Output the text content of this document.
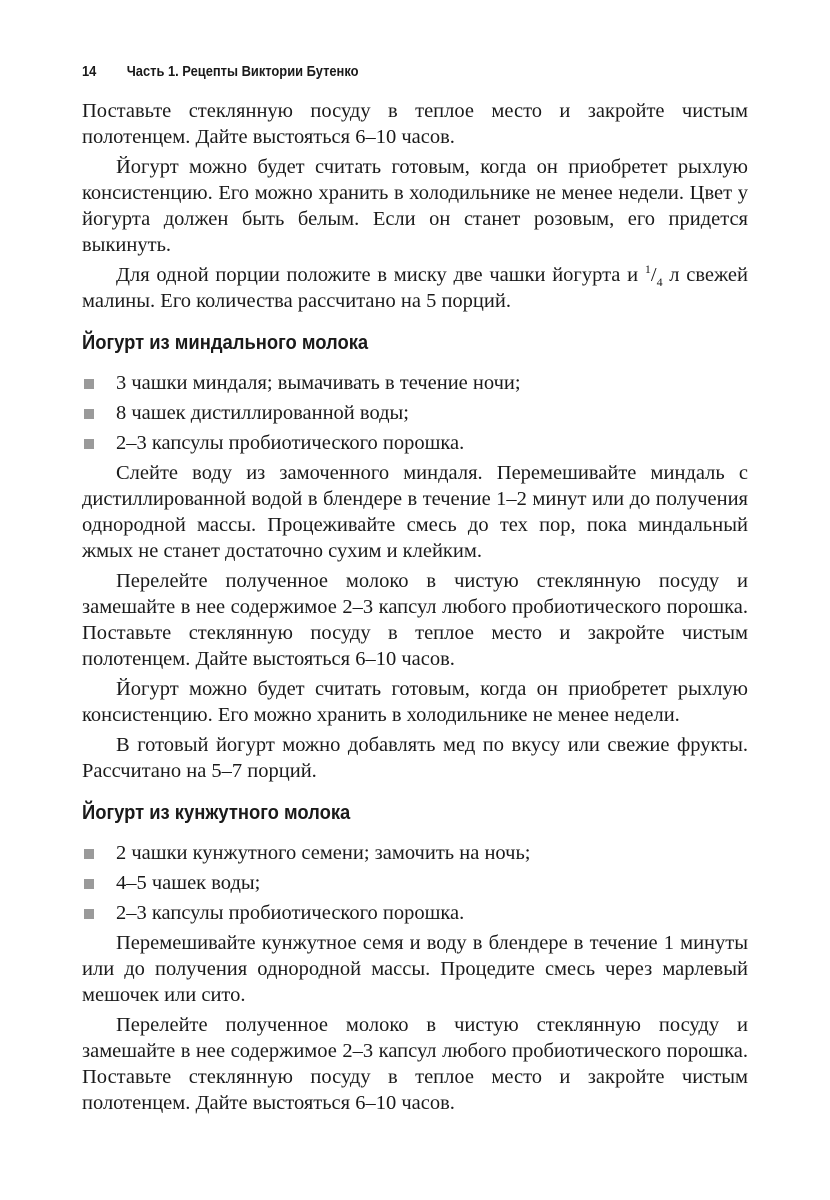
14 Часть 1. Рецепты Виктории Бутенко

Поставьте стеклянную посуду в теплое место и закройте чистым полотенцем. Дайте выстояться 6–10 часов.

Йогурт можно будет считать готовым, когда он приобретет рыхлую консистенцию. Его можно хранить в холодильнике не менее недели. Цвет у йогурта должен быть белым. Если он станет розовым, его придется выкинуть.

Для одной порции положите в миску две чашки йогурта и $^1/_4$ л свежей малины. Его количества рассчитано на 5 порций.

Йогурт из миндального молока
3 чашки миндаля; вымачивать в течение ночи;
8 чашек дистиллированной воды;
2–3 капсулы пробиотического порошка.

Слейте воду из замоченного миндаля. Перемешивайте миндаль с дистиллированной водой в блендере в течение 1–2 минут или до получения однородной массы. Процеживайте смесь до тех пор, пока миндальный жмых не станет достаточно сухим и клейким.

Перелейте полученное молоко в чистую стеклянную посуду и замешайте в нее содержимое 2–3 капсул любого пробиотического порошка. Поставьте стеклянную посуду в теплое место и закройте чистым полотенцем. Дайте выстояться 6–10 часов.

Йогурт можно будет считать готовым, когда он приобретет рыхлую консистенцию. Его можно хранить в холодильнике не менее недели.

В готовый йогурт можно добавлять мед по вкусу или свежие фрукты. Рассчитано на 5–7 порций.

Йогурт из кунжутного молока
2 чашки кунжутного семени; замочить на ночь;
4–5 чашек воды;
2–3 капсулы пробиотического порошка.

Перемешивайте кунжутное семя и воду в блендере в течение 1 минуты или до получения однородной массы. Процедите смесь через марлевый мешочек или сито.

Перелейте полученное молоко в чистую стеклянную посуду и замешайте в нее содержимое 2–3 капсул любого пробиотического порошка. Поставьте стеклянную посуду в теплое место и закройте чистым полотенцем. Дайте выстояться 6–10 часов.
